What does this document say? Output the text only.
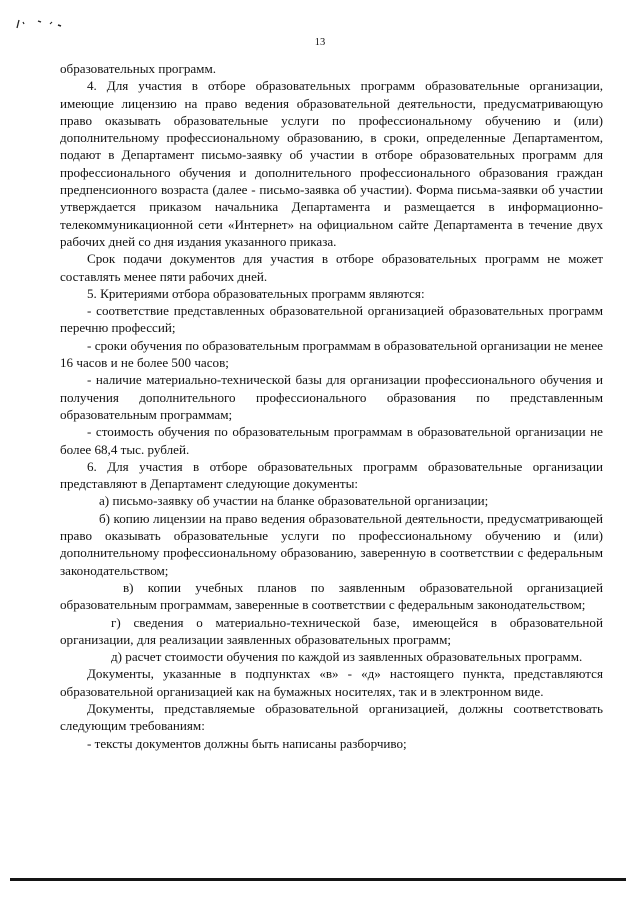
13

образовательных программ.

4. Для участия в отборе образовательных программ образовательные организации, имеющие лицензию на право ведения образовательной деятельности, предусматривающую право оказывать образовательные услуги по профессиональному обучению и (или) дополнительному профессиональному образованию, в сроки, определенные Департаментом, подают в Департамент письмо-заявку об участии в отборе образовательных программ для профессионального обучения и дополнительного профессионального образования граждан предпенсионного возраста (далее - письмо-заявка об участии). Форма письма-заявки об участии утверждается приказом начальника Департамента и размещается в информационно-телекоммуникационной сети «Интернет» на официальном сайте Департамента в течение двух рабочих дней со дня издания указанного приказа.

Срок подачи документов для участия в отборе образовательных программ не может составлять менее пяти рабочих дней.

5. Критериями отбора образовательных программ являются:

- соответствие представленных образовательной организацией образовательных программ перечню профессий;

- сроки обучения по образовательным программам в образовательной организации не менее 16 часов и не более 500 часов;

- наличие материально-технической базы для организации профессионального обучения и получения дополнительного профессионального образования по представленным образовательным программам;

- стоимость обучения по образовательным программам в образовательной организации не более 68,4 тыс. рублей.

6. Для участия в отборе образовательных программ образовательные организации представляют в Департамент следующие документы:

а) письмо-заявку об участии на бланке образовательной организации;

б) копию лицензии на право ведения образовательной деятельности, предусматривающей право оказывать образовательные услуги по профессиональному обучению и (или) дополнительному профессиональному образованию, заверенную в соответствии с федеральным законодательством;

в) копии учебных планов по заявленным образовательной организацией образовательным программам, заверенные в соответствии с федеральным законодательством;

г) сведения о материально-технической базе, имеющейся в образовательной организации, для реализации заявленных образовательных программ;

д) расчет стоимости обучения по каждой из заявленных образовательных программ.

Документы, указанные в подпунктах «в» - «д» настоящего пункта, представляются образовательной организацией как на бумажных носителях, так и в электронном виде.

Документы, представляемые образовательной организацией, должны соответствовать следующим требованиям:

- тексты документов должны быть написаны разборчиво;
